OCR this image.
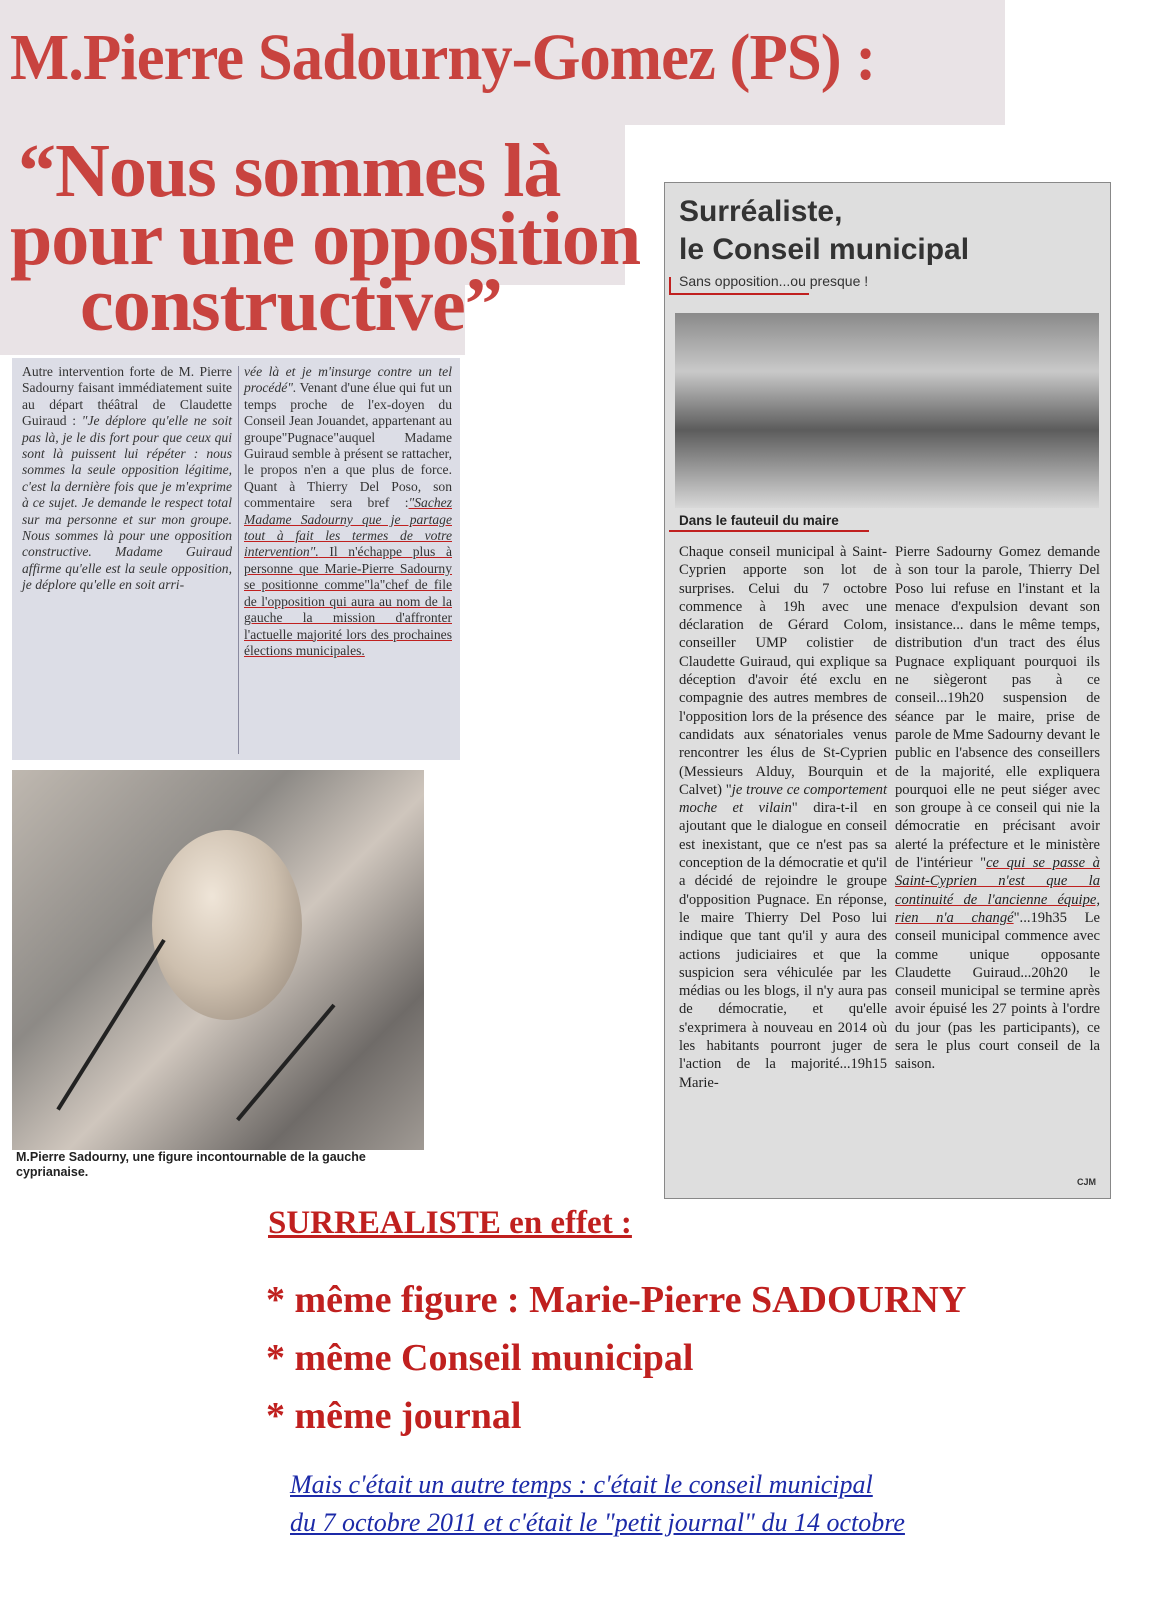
M.Pierre Sadourny-Gomez (PS) :
“Nous sommes là
pour une opposition
constructive”
Autre intervention forte de M. Pierre Sadourny faisant immédiatement suite au départ théâtral de Claudette Guiraud : "Je déplore qu'elle ne soit pas là, je le dis fort pour que ceux qui sont là puissent lui répéter : nous sommes la seule opposition légitime, c'est la dernière fois que je m'exprime à ce sujet. Je demande le respect total sur ma personne et sur mon groupe. Nous sommes là pour une opposition constructive. Madame Guiraud affirme qu'elle est la seule opposition, je déplore qu'elle en soit arri-
vée là et je m'insurge contre un tel procédé". Venant d'une élue qui fut un temps proche de l'ex-doyen du Conseil Jean Jouandet, appartenant au groupe"Pugnace"auquel Madame Guiraud semble à présent se rattacher, le propos n'en a que plus de force. Quant à Thierry Del Poso, son commentaire sera bref :"Sachez Madame Sadourny que je partage tout à fait les termes de votre intervention". Il n'échappe plus à personne que Marie-Pierre Sadourny se positionne comme"la"chef de file de l'opposition qui aura au nom de la gauche la mission d'affronter l'actuelle majorité lors des prochaines élections municipales.
M.Pierre Sadourny, une figure incontournable de la gauche cyprianaise.
Surréaliste,
le Conseil municipal
Sans opposition...ou presque !
Dans le fauteuil du maire
Chaque conseil municipal à Saint-Cyprien apporte son lot de surprises. Celui du 7 octobre commence à 19h avec une déclaration de Gérard Colom, conseiller UMP colistier de Claudette Guiraud, qui explique sa déception d'avoir été exclu en compagnie des autres membres de l'opposition lors de la présence des candidats aux sénatoriales venus rencontrer les élus de St-Cyprien (Messieurs Alduy, Bourquin et Calvet) "je trouve ce comportement moche et vilain" dira-t-il en ajoutant que le dialogue en conseil est inexistant, que ce n'est pas sa conception de la démocratie et qu'il a décidé de rejoindre le groupe d'opposition Pugnace. En réponse, le maire Thierry Del Poso lui indique que tant qu'il y aura des actions judiciaires et que la suspicion sera véhiculée par les médias ou les blogs, il n'y aura pas de démocratie, et qu'elle s'exprimera à nouveau en 2014 où les habitants pourront juger de l'action de la majorité...19h15 Marie-
Pierre Sadourny Gomez demande à son tour la parole, Thierry Del Poso lui refuse en l'instant et la menace d'expulsion devant son insistance... dans le même temps, distribution d'un tract des élus Pugnace expliquant pourquoi ils ne siègeront pas à ce conseil...19h20 suspension de séance par le maire, prise de parole de Mme Sadourny devant le public en l'absence des conseillers de la majorité, elle expliquera pourquoi elle ne peut siéger avec son groupe à ce conseil qui nie la démocratie en précisant avoir alerté la préfecture et le ministère de l'intérieur "ce qui se passe à Saint-Cyprien n'est que la continuité de l'ancienne équipe, rien n'a changé"...19h35 Le conseil municipal commence avec comme unique opposante Claudette Guiraud...20h20 le conseil municipal se termine après avoir épuisé les 27 points à l'ordre du jour (pas les participants), ce sera le plus court conseil de la saison.
CJM
SURREALISTE en effet :
* même figure : Marie-Pierre SADOURNY
* même Conseil municipal
* même journal
Mais c'était un autre temps : c'était le conseil municipal
du 7 octobre 2011 et c'était le "petit journal" du 14 octobre
